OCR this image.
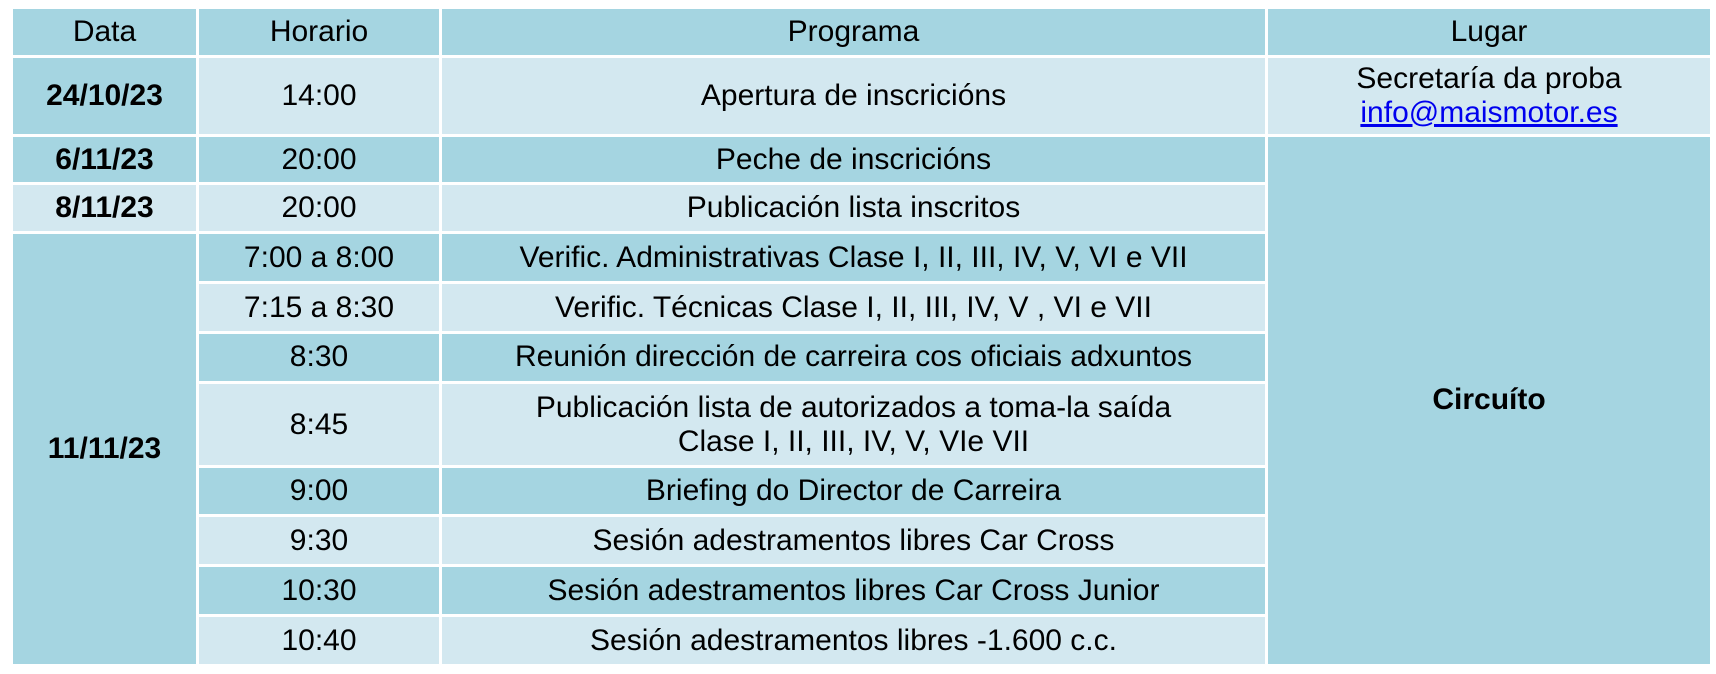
Data	Horario	Programa	Lugar
24/10/23	14:00	Apertura de inscricións	Secretaría da proba
info@maismotor.es
6/11/23	20:00	Peche de inscricións	Circuíto
8/11/23	20:00	Publicación lista inscritos	
11/11/23	7:00 a 8:00	Verific. Administrativas Clase I, II, III, IV, V, VI e VII	
	7:15 a 8:30	Verific. Técnicas Clase I, II, III, IV, V , VI e VII	
	8:30	Reunión dirección de carreira cos oficiais adxuntos	
	8:45	Publicación lista de autorizados a toma-la saída
Clase I, II, III, IV, V, VIe VII	

	9:00	Briefing do Director de Carreira	
	9:30	Sesión adestramentos libres Car Cross	
	10:30	Sesión adestramentos libres Car Cross Junior	
	10:40	Sesión adestramentos libres -1.600 c.c.	
